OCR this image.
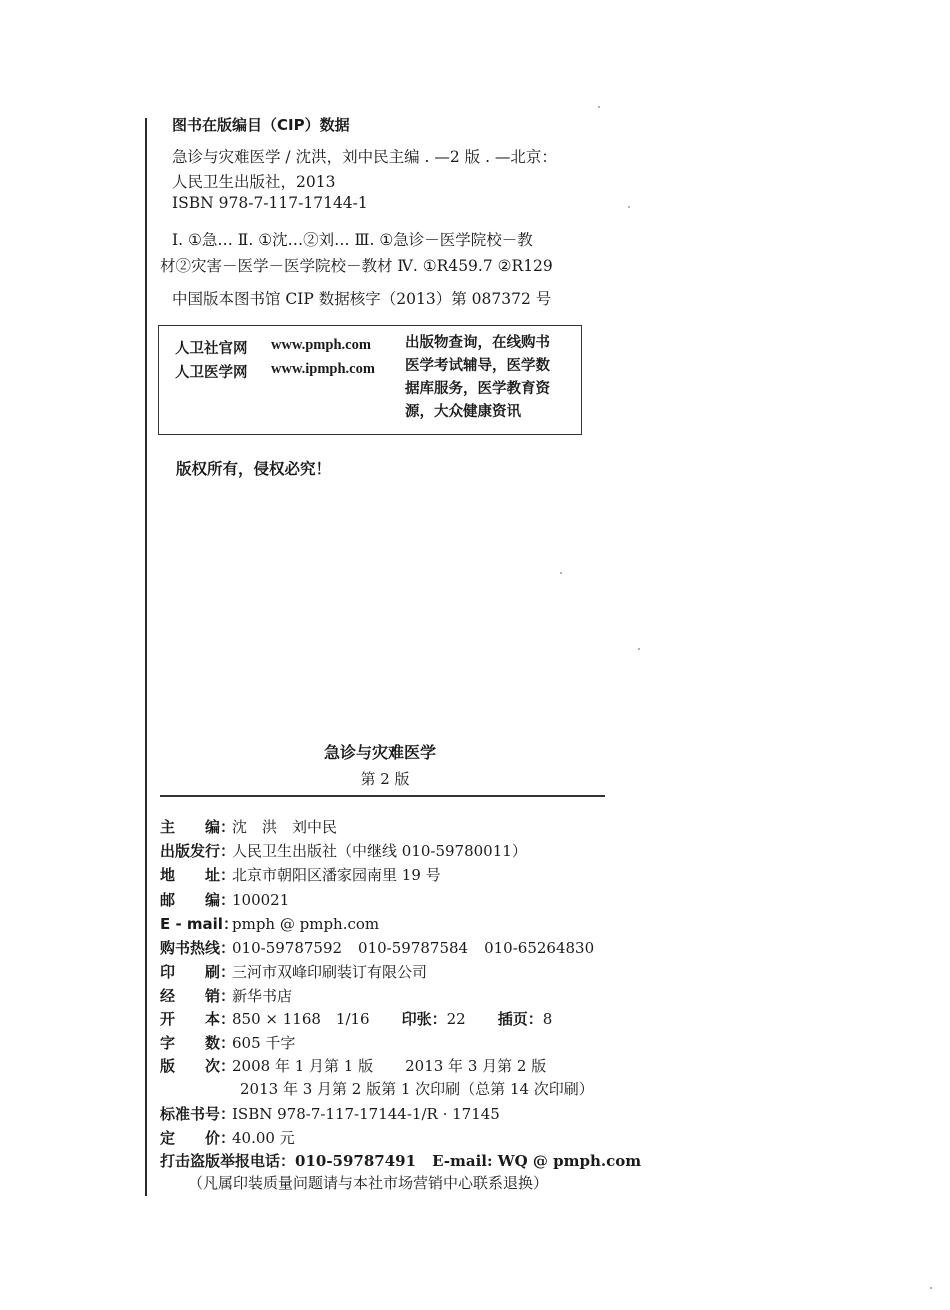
图书在版编目（CIP）数据
急诊与灾难医学 / 沈洪，刘中民主编 . —2 版 . —北京：
人民卫生出版社，2013
ISBN 978-7-117-17144-1
Ⅰ. ①急… Ⅱ. ①沈…②刘… Ⅲ. ①急诊－医学院校－教
材②灾害－医学－医学院校－教材 Ⅳ. ①R459.7 ②R129
中国版本图书馆 CIP 数据核字（2013）第 087372 号
人卫社官网 www.pmph.com
人卫医学网 www.ipmph.com
出版物查询，在线购书
医学考试辅导，医学数
据库服务，医学教育资
源，大众健康资讯
版权所有，侵权必究！
急诊与灾难医学
第 2 版
主　　编：沈　洪　刘中民
出版发行：人民卫生出版社（中继线 010-59780011）
地　　址：北京市朝阳区潘家园南里 19 号
邮　　编：100021
E - mail：pmph @ pmph.com
购书热线：010-59787592 010-59787584 010-65264830
印　　刷：三河市双峰印刷装订有限公司
经　　销：新华书店
开　　本：850 × 1168　1/16 印张：22 插页：8
字　　数：605 千字
版　　次：2008 年 1 月第 1 版 2013 年 3 月第 2 版
2013 年 3 月第 2 版第 1 次印刷（总第 14 次印刷）
标准书号：ISBN 978-7-117-17144-1/R · 17145
定　　价：40.00 元
打击盗版举报电话：010-59787491 E-mail: WQ @ pmph.com
（凡属印装质量问题请与本社市场营销中心联系退换）
